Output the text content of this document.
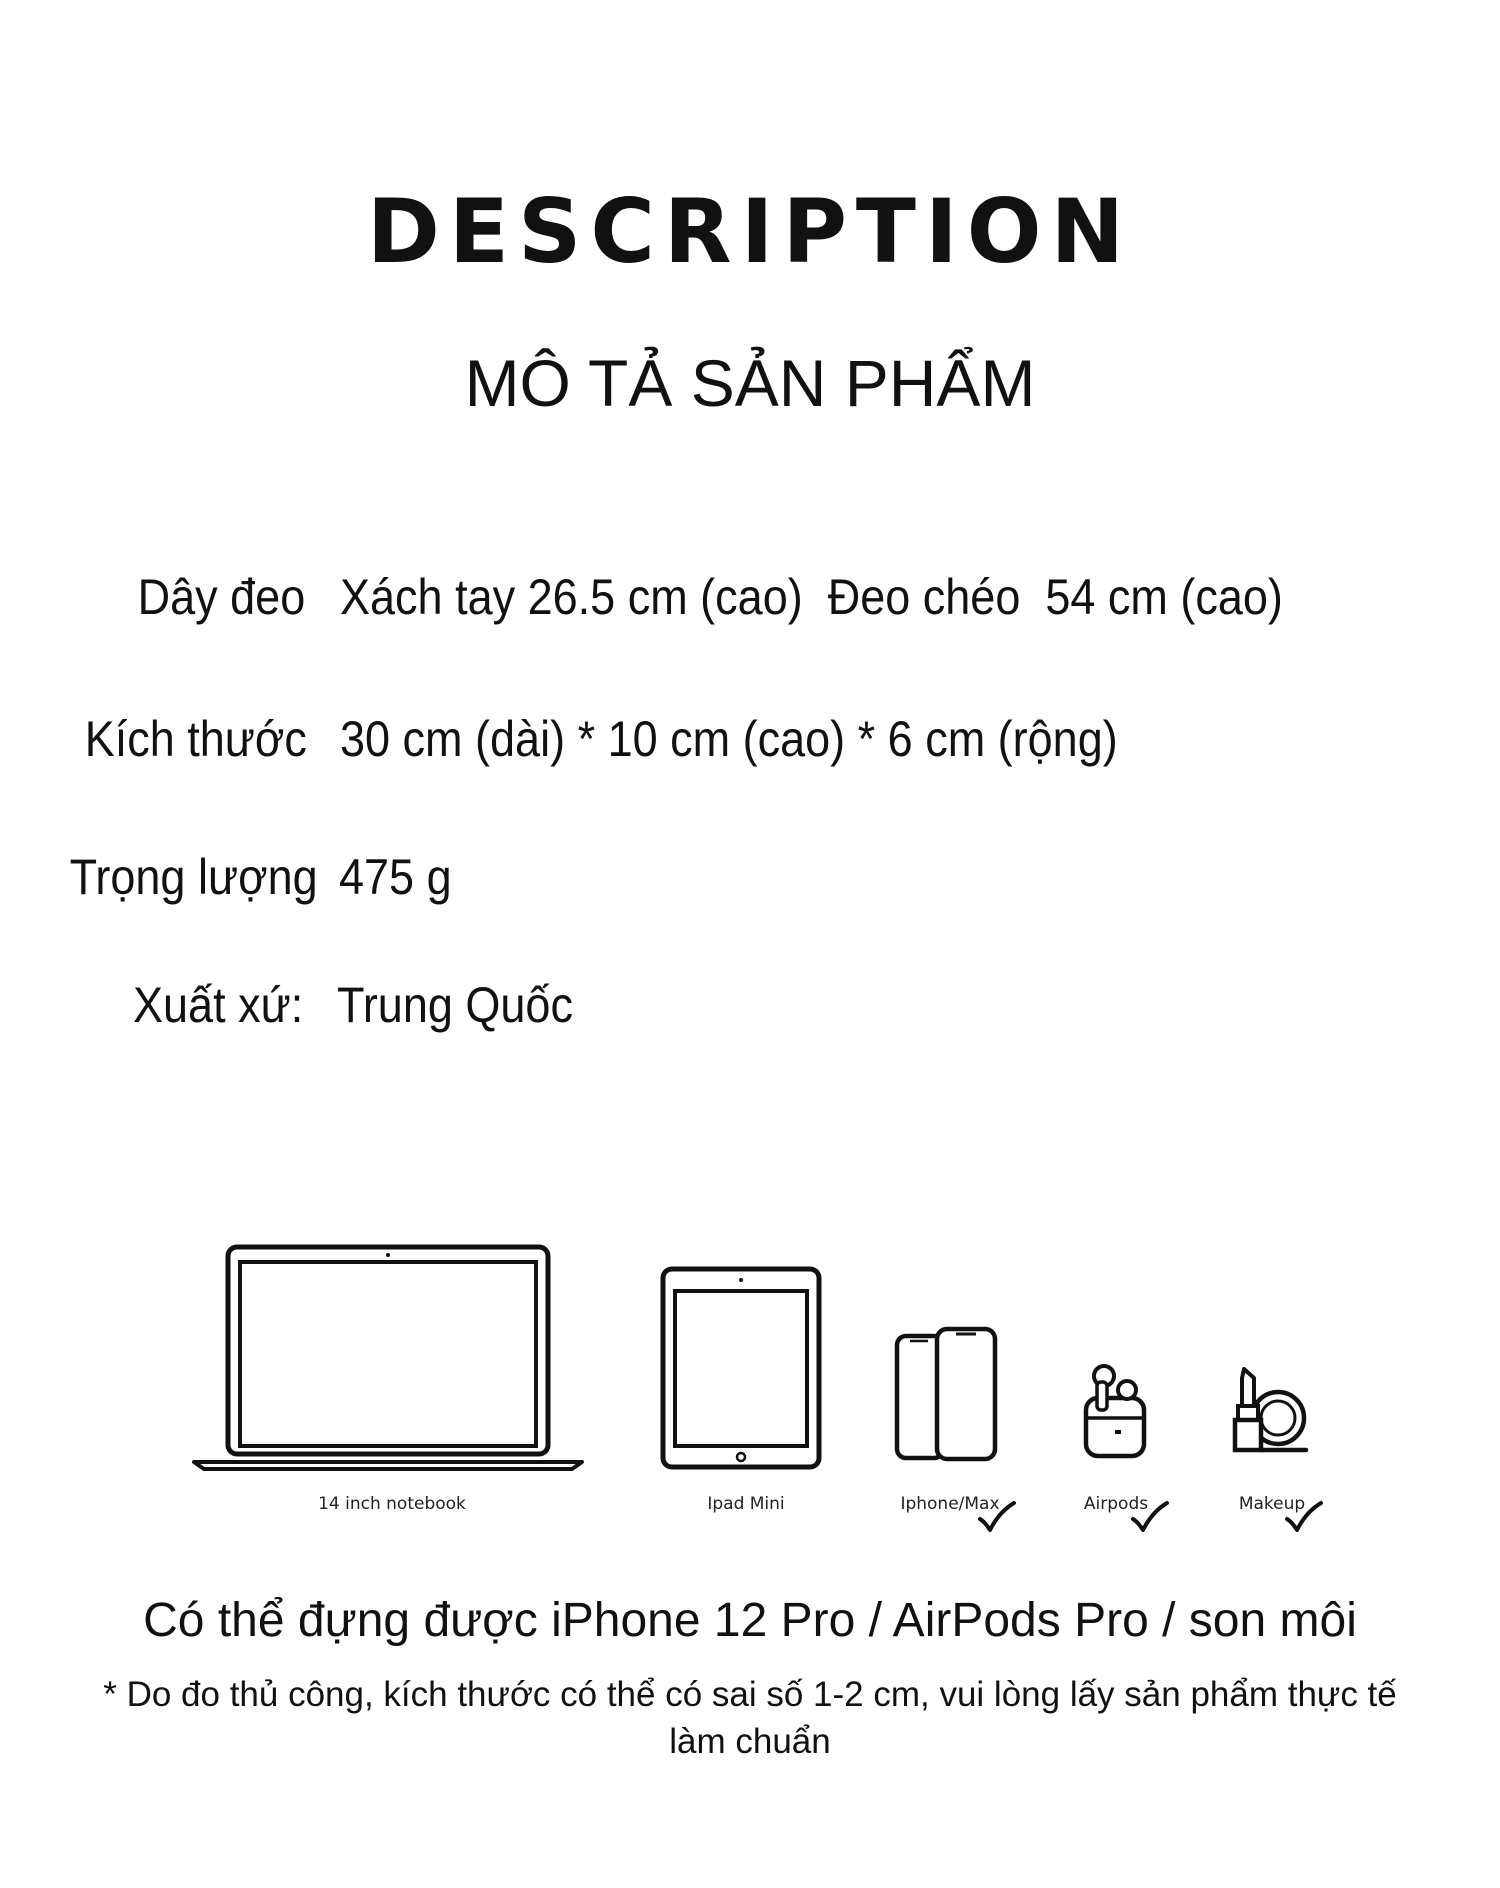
DESCRIPTION
MÔ TẢ SẢN PHẨM
Dây đeo Xách tay 26.5 cm (cao)  Đeo chéo  54 cm (cao)
Kích thước 30 cm (dài) * 10 cm (cao) * 6 cm (rộng)
Trọng lượng 475 g
Xuất xứ: Trung Quốc
14 inch notebook	Ipad Mini	Iphone/Max	Airpods	Makeup
Có thể đựng được iPhone 12 Pro / AirPods Pro / son môi
* Do đo thủ công, kích thước có thể có sai số 1-2 cm, vui lòng lấy sản phẩm thực tế làm chuẩn
